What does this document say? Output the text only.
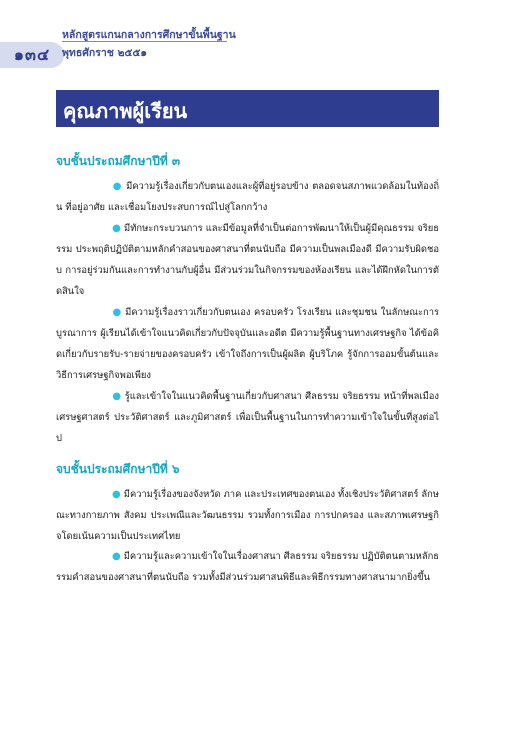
๑๓๔
หลักสูตรแกนกลางการศึกษาขั้นพื้นฐาน
พุทธศักราช ๒๕๕๑
คุณภาพผู้เรียน
จบชั้นประถมศึกษาปีที่ ๓

● มีความรู้เรื่องเกี่ยวกับตนเองและผู้ที่อยู่รอบข้าง ตลอดจนสภาพแวดล้อมในท้องถิ่น ที่อยู่อาศัย และเชื่อมโยงประสบการณ์ไปสู่โลกกว้าง

● มีทักษะกระบวนการ และมีข้อมูลที่จำเป็นต่อการพัฒนาให้เป็นผู้มีคุณธรรม จริยธรรม ประพฤติปฏิบัติตามหลักคำสอนของศาสนาที่ตนนับถือ มีความเป็นพลเมืองดี มีความรับผิดชอบ การอยู่ร่วมกันและการทำงานกับผู้อื่น มีส่วนร่วมในกิจกรรมของห้องเรียน และได้ฝึกหัดในการตัดสินใจ

● มีความรู้เรื่องราวเกี่ยวกับตนเอง ครอบครัว โรงเรียน และชุมชน ในลักษณะการบูรณาการ ผู้เรียนได้เข้าใจแนวคิดเกี่ยวกับปัจจุบันและอดีต มีความรู้พื้นฐานทางเศรษฐกิจ ได้ข้อคิดเกี่ยวกับรายรับ-รายจ่ายของครอบครัว เข้าใจถึงการเป็นผู้ผลิต ผู้บริโภค รู้จักการออมขั้นต้นและวิธีการเศรษฐกิจพอเพียง

● รู้และเข้าใจในแนวคิดพื้นฐานเกี่ยวกับศาสนา ศีลธรรม จริยธรรม หน้าที่พลเมือง เศรษฐศาสตร์ ประวัติศาสตร์ และภูมิศาสตร์ เพื่อเป็นพื้นฐานในการทำความเข้าใจในขั้นที่สูงต่อไป

จบชั้นประถมศึกษาปีที่ ๖

● มีความรู้เรื่องของจังหวัด ภาค และประเทศของตนเอง ทั้งเชิงประวัติศาสตร์ ลักษณะทางกายภาพ สังคม ประเพณีและวัฒนธรรม รวมทั้งการเมือง การปกครอง และสภาพเศรษฐกิจโดยเน้นความเป็นประเทศไทย

● มีความรู้และความเข้าใจในเรื่องศาสนา ศีลธรรม จริยธรรม ปฏิบัติตนตามหลักธรรมคำสอนของศาสนาที่ตนนับถือ รวมทั้งมีส่วนร่วมศาสนพิธีและพิธีกรรมทางศาสนามากยิ่งขึ้น
